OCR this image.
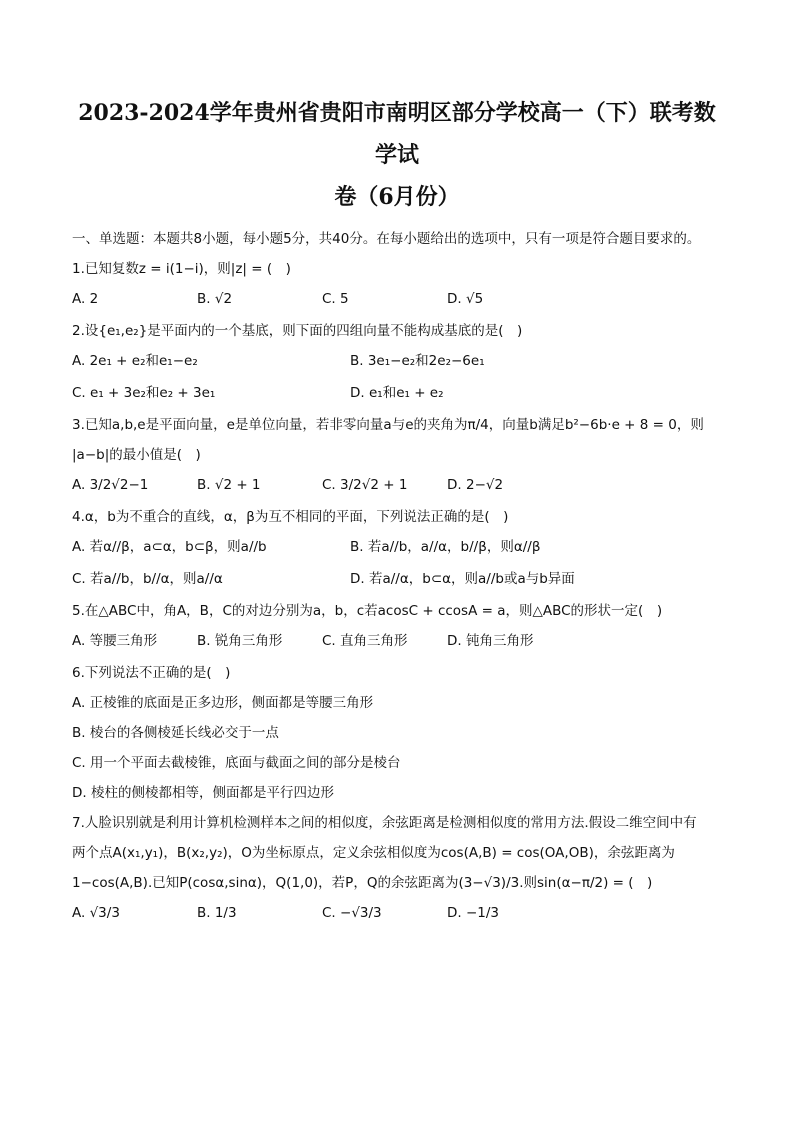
2023-2024学年贵州省贵阳市南明区部分学校高一（下）联考数学试
卷（6月份）
一、单选题：本题共8小题，每小题5分，共40分。在每小题给出的选项中，只有一项是符合题目要求的。
1.已知复数z = i(1−i)，则|z| = (　)
A. 2	B. √2	C. 5	D. √5
2.设{e₁,e₂}是平面内的一个基底，则下面的四组向量不能构成基底的是(　)
A. 2e₁ + e₂和e₁−e₂	B. 3e₁−e₂和2e₂−6e₁
C. e₁ + 3e₂和e₂ + 3e₁	D. e₁和e₁ + e₂
3.已知a,b,e是平面向量，e是单位向量，若非零向量a与e的夹角为π/4，向量b满足b²−6b·e + 8 = 0，则
|a−b|的最小值是(　)
A. 3/2√2−1	B. √2 + 1	C. 3/2√2 + 1	D. 2−√2
4.α，b为不重合的直线，α，β为互不相同的平面，下列说法正确的是(　)
A. 若α//β，a⊂α，b⊂β，则a//b	B. 若a//b，a//α，b//β，则α//β
C. 若a//b，b//α，则a//α	D. 若a//α，b⊂α，则a//b或a与b异面
5.在△ABC中，角A，B，C的对边分别为a，b，c若acosC + ccosA = a，则△ABC的形状一定(　)
A. 等腰三角形	B. 锐角三角形	C. 直角三角形	D. 钝角三角形
6.下列说法不正确的是(　)
A. 正棱锥的底面是正多边形，侧面都是等腰三角形
B. 棱台的各侧棱延长线必交于一点
C. 用一个平面去截棱锥，底面与截面之间的部分是棱台
D. 棱柱的侧棱都相等，侧面都是平行四边形
7.人脸识别就是利用计算机检测样本之间的相似度，余弦距离是检测相似度的常用方法.假设二维空间中有
两个点A(x₁,y₁)，B(x₂,y₂)，O为坐标原点，定义余弦相似度为cos(A,B) = cos(OA,OB)，余弦距离为
1−cos(A,B).已知P(cosα,sinα)，Q(1,0)，若P，Q的余弦距离为(3−√3)/3.则sin(α−π/2) = (　)
A. √3/3	B. 1/3	C. −√3/3	D. −1/3
